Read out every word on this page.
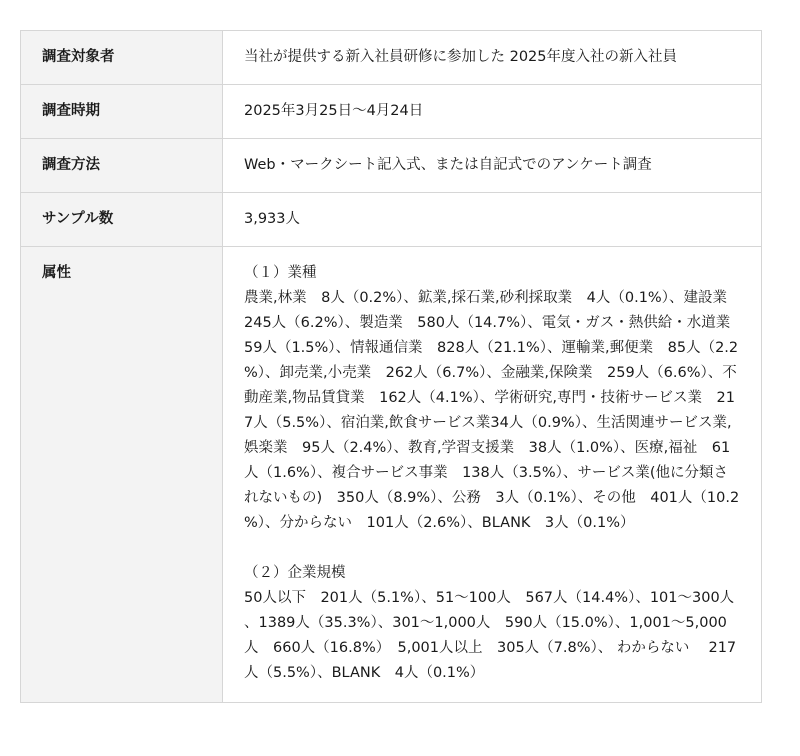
調査対象者	当社が提供する新入社員研修に参加した 2025年度入社の新入社員
調査時期	2025年3月25日～4月24日
調査方法	Web・マークシート記入式、または自記式でのアンケート調査
サンプル数	3,933人
属性	（１）業種
農業,林業　8人（0.2%）、鉱業,採石業,砂利採取業　4人（0.1%）、建設業　245人（6.2%）、製造業　580人（14.7%）、電気・ガス・熱供給・水道業　59人（1.5%）、情報通信業　828人（21.1%）、運輸業,郵便業　85人（2.2%）、卸売業,小売業　262人（6.7%）、金融業,保険業　259人（6.6%）、不動産業,物品賃貸業　162人（4.1%）、学術研究,専門・技術サービス業　217人（5.5%）、宿泊業,飲食サービス業34人（0.9%）、生活関連サービス業,娯楽業　95人（2.4%）、教育,学習支援業　38人（1.0%）、医療,福祉　61人（1.6%）、複合サービス事業　138人（3.5%）、サービス業(他に分類されないもの)　350人（8.9%）、公務　3人（0.1%）、その他　401人（10.2%）、分からない　101人（2.6%）、BLANK　3人（0.1%）
（２）企業規模
50人以下　201人（5.1%）、51～100人　567人（14.4%）、101～300人、1389人（35.3%）、301～1,000人　590人（15.0%）、1,001～5,000人　660人（16.8%）　5,001人以上　305人（7.8%）、 わからない　 217人（5.5%）、BLANK　4人（0.1%）
